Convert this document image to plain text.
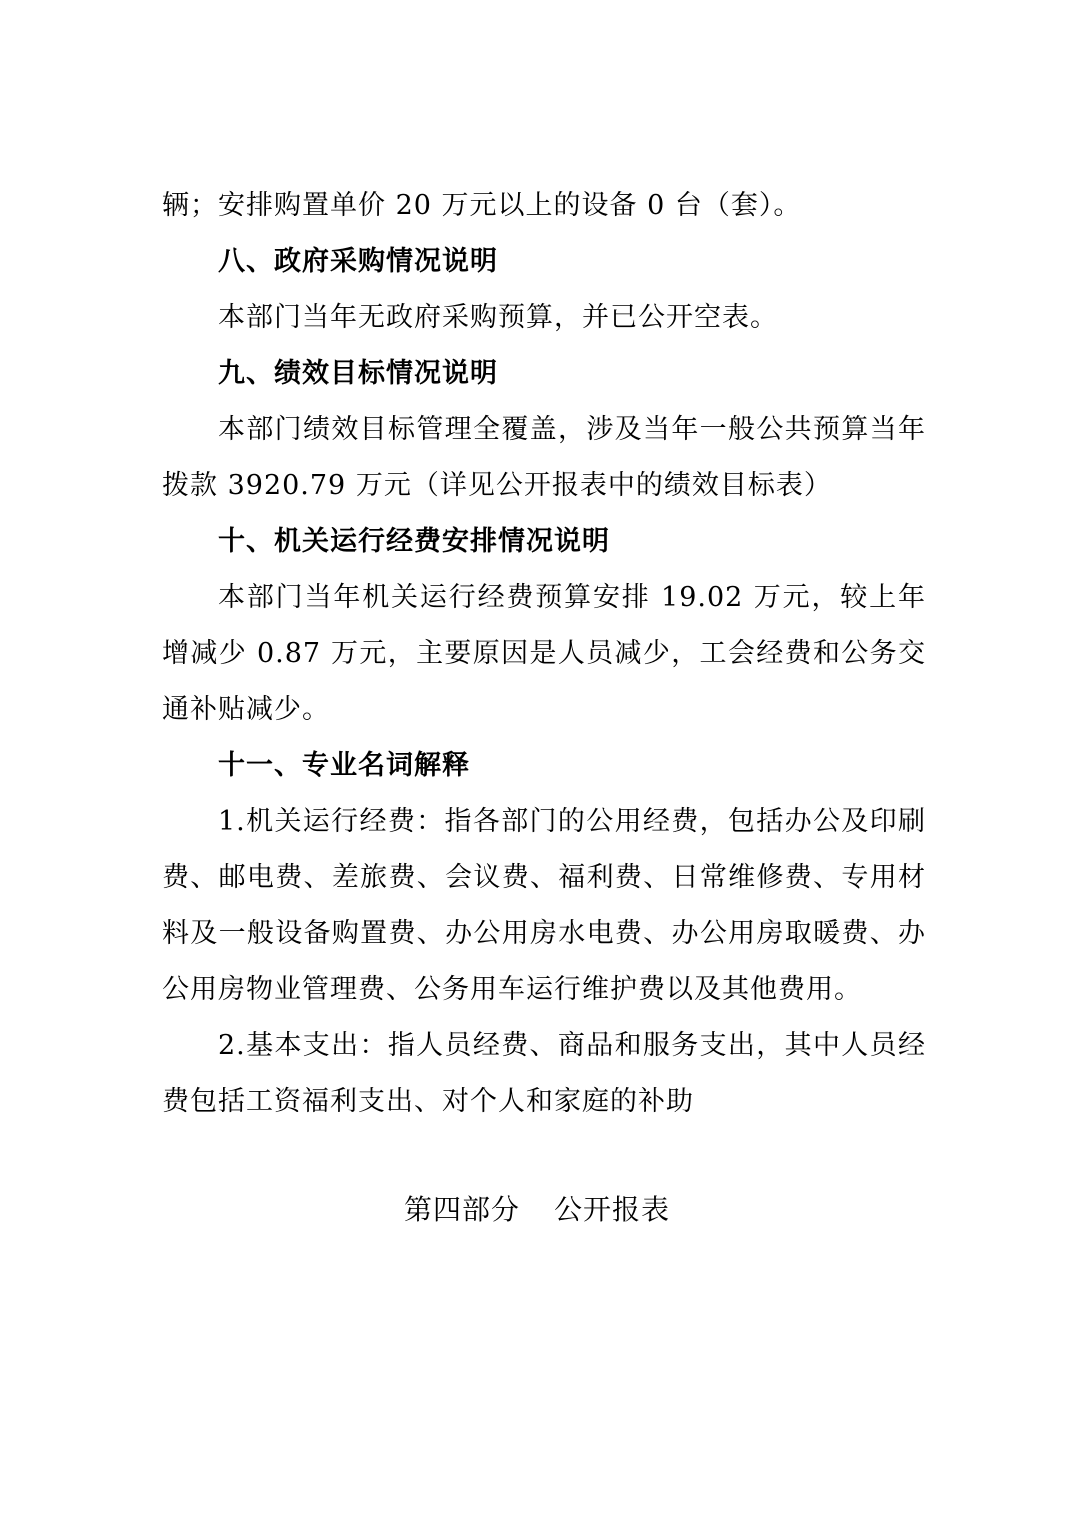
辆；安排购置单价 20 万元以上的设备 0 台（套）。

八、政府采购情况说明

本部门当年无政府采购预算，并已公开空表。

九、绩效目标情况说明

本部门绩效目标管理全覆盖，涉及当年一般公共预算当年拨款 3920.79 万元（详见公开报表中的绩效目标表）

十、机关运行经费安排情况说明

本部门当年机关运行经费预算安排 19.02 万元，较上年增减少 0.87 万元，主要原因是人员减少，工会经费和公务交通补贴减少。

十一、专业名词解释

1.机关运行经费：指各部门的公用经费，包括办公及印刷费、邮电费、差旅费、会议费、福利费、日常维修费、专用材料及一般设备购置费、办公用房水电费、办公用房取暖费、办公用房物业管理费、公务用车运行维护费以及其他费用。

2.基本支出：指人员经费、商品和服务支出，其中人员经费包括工资福利支出、对个人和家庭的补助

第四部分 公开报表
